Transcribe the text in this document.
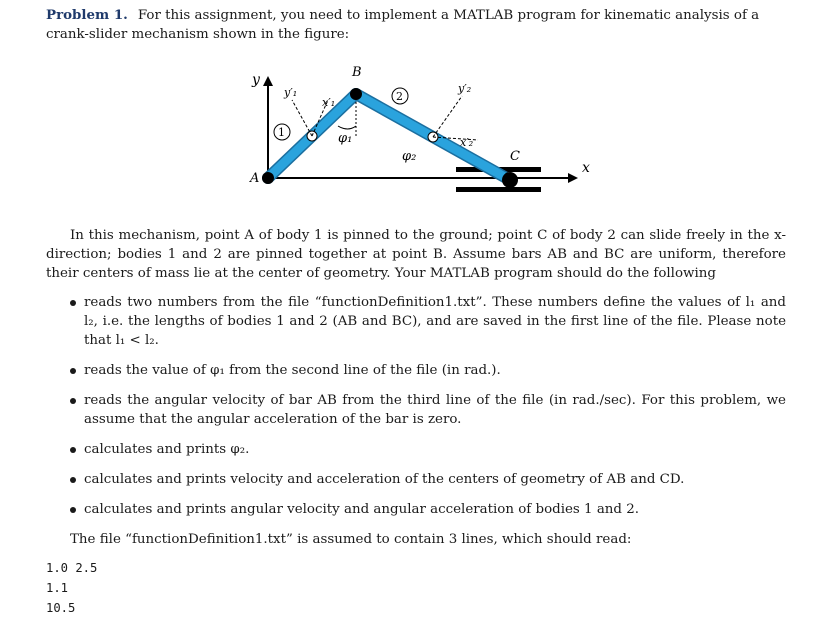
Problem 1. For this assignment, you need to implement a MATLAB program for kinematic analysis of a crank-slider mechanism shown in the figure:

x
y
1
2
y′₁
x′₁
φ₁
φ₂
y′₂
x′₂
A
B
C

In this mechanism, point A of body 1 is pinned to the ground; point C of body 2 can slide freely in the x-direction; bodies 1 and 2 are pinned together at point B. Assume bars AB and BC are uniform, therefore their centers of mass lie at the center of geometry. Your MATLAB program should do the following

reads two numbers from the file “functionDefinition1.txt”. These numbers define the values of l₁ and l₂, i.e. the lengths of bodies 1 and 2 (AB and BC), and are saved in the first line of the file. Please note that l₁ < l₂.
reads the value of φ₁ from the second line of the file (in rad.).
reads the angular velocity of bar AB from the third line of the file (in rad./sec). For this problem, we assume that the angular acceleration of the bar is zero.
calculates and prints φ₂.
calculates and prints velocity and acceleration of the centers of geometry of AB and CD.
calculates and prints angular velocity and angular acceleration of bodies 1 and 2.

The file “functionDefinition1.txt” is assumed to contain 3 lines, which should read:

1.0 2.5
1.1
10.5
